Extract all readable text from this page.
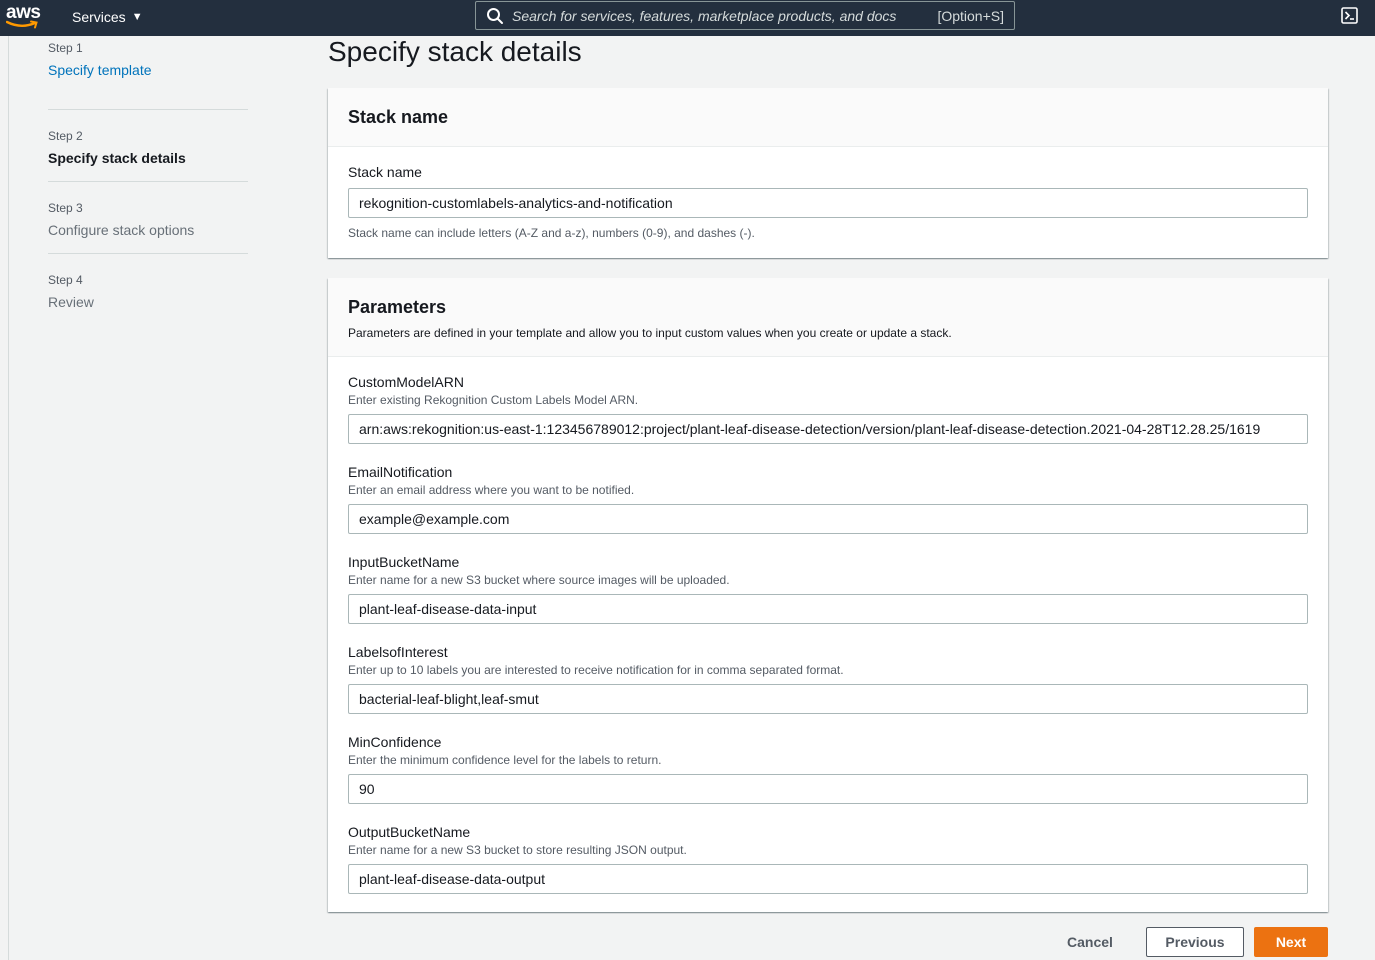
aws Services ▼
Search for services, features, marketplace products, and docs	[Option+S]
Step 1
Specify template
Step 2
Specify stack details
Step 3
Configure stack options
Step 4
Review
Specify stack details
Stack name
Stack name
rekognition-customlabels-analytics-and-notification
Stack name can include letters (A-Z and a-z), numbers (0-9), and dashes (-).
Parameters
Parameters are defined in your template and allow you to input custom values when you create or update a stack.
CustomModelARN
Enter existing Rekognition Custom Labels Model ARN.
arn:aws:rekognition:us-east-1:123456789012:project/plant-leaf-disease-detection/version/plant-leaf-disease-detection.2021-04-28T12.28.25/1619
EmailNotification
Enter an email address where you want to be notified.
example@example.com
InputBucketName
Enter name for a new S3 bucket where source images will be uploaded.
plant-leaf-disease-data-input
LabelsofInterest
Enter up to 10 labels you are interested to receive notification for in comma separated format.
bacterial-leaf-blight,leaf-smut
MinConfidence
Enter the minimum confidence level for the labels to return.
90
OutputBucketName
Enter name for a new S3 bucket to store resulting JSON output.
plant-leaf-disease-data-output
Cancel	Previous	Next
